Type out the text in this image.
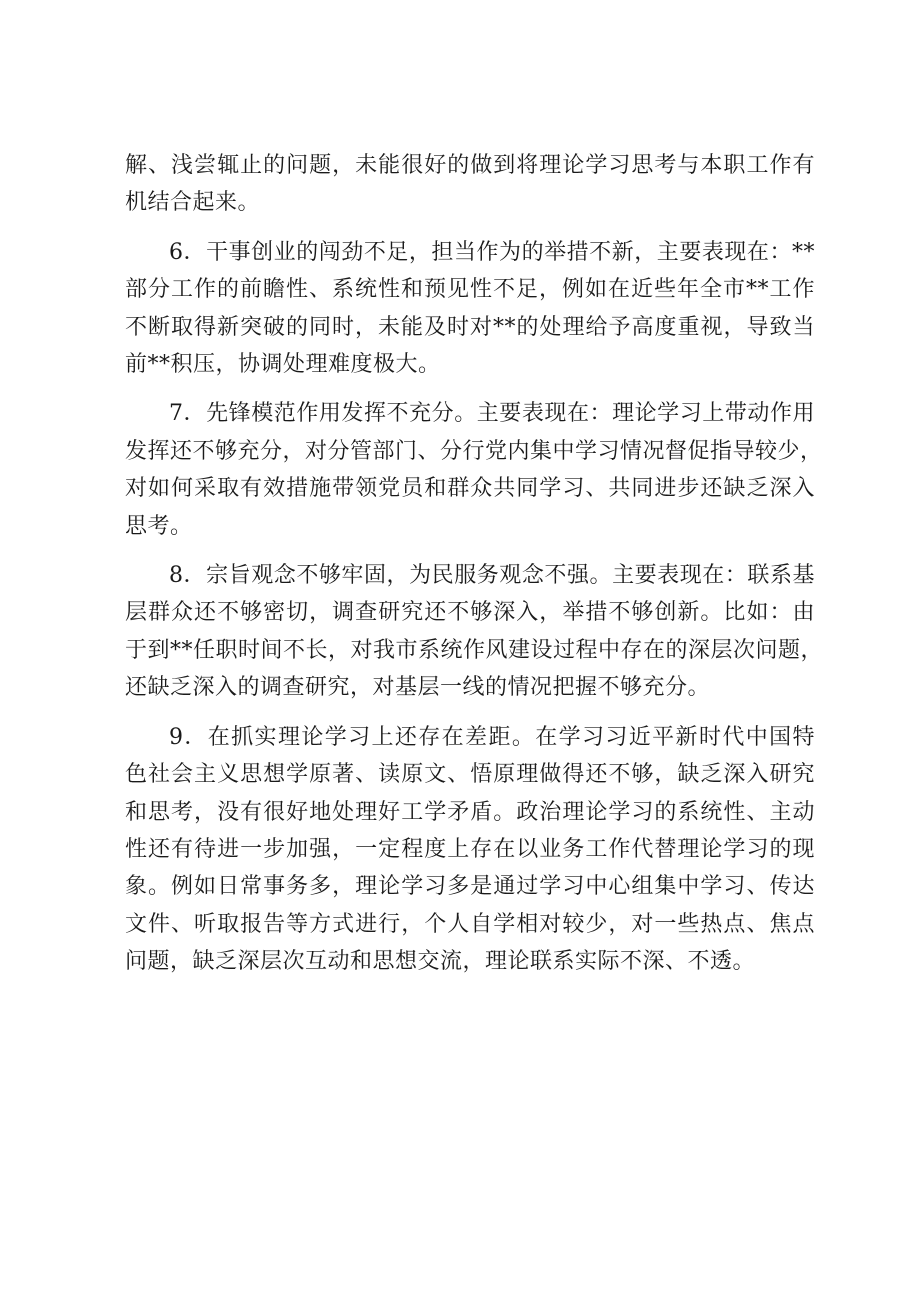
解、浅尝辄止的问题，未能很好的做到将理论学习思考与本职工作有
机结合起来。

6．干事创业的闯劲不足，担当作为的举措不新，主要表现在：**
部分工作的前瞻性、系统性和预见性不足，例如在近些年全市**工作
不断取得新突破的同时，未能及时对**的处理给予高度重视，导致当
前**积压，协调处理难度极大。

7．先锋模范作用发挥不充分。主要表现在：理论学习上带动作用
发挥还不够充分，对分管部门、分行党内集中学习情况督促指导较少，
对如何采取有效措施带领党员和群众共同学习、共同进步还缺乏深入
思考。

8．宗旨观念不够牢固，为民服务观念不强。主要表现在：联系基
层群众还不够密切，调查研究还不够深入，举措不够创新。比如：由
于到**任职时间不长，对我市系统作风建设过程中存在的深层次问题，
还缺乏深入的调查研究，对基层一线的情况把握不够充分。

9．在抓实理论学习上还存在差距。在学习习近平新时代中国特
色社会主义思想学原著、读原文、悟原理做得还不够，缺乏深入研究
和思考，没有很好地处理好工学矛盾。政治理论学习的系统性、主动
性还有待进一步加强，一定程度上存在以业务工作代替理论学习的现
象。例如日常事务多，理论学习多是通过学习中心组集中学习、传达
文件、听取报告等方式进行，个人自学相对较少，对一些热点、焦点
问题，缺乏深层次互动和思想交流，理论联系实际不深、不透。
